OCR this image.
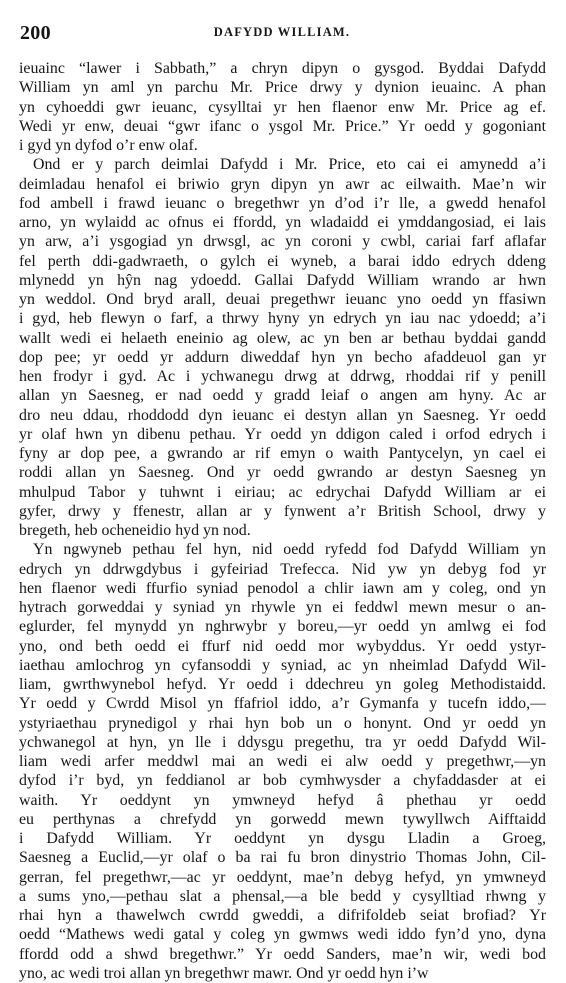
200	DAFYDD WILLIAM.

ieuainc “lawer i Sabbath,” a chryn dipyn o gysgod. Byddai Dafydd
William yn aml yn parchu Mr. Price drwy y dynion ieuainc. A phan
yn cyhoeddi gwr ieuanc, cysylltai yr hen flaenor enw Mr. Price ag ef.
Wedi yr enw, deuai “gwr ifanc o ysgol Mr. Price.” Yr oedd y gogoniant
i gyd yn dyfod o’r enw olaf.

Ond er y parch deimlai Dafydd i Mr. Price, eto cai ei amynedd a’i
deimladau henafol ei briwio gryn dipyn yn awr ac eilwaith. Mae’n wir
fod ambell i frawd ieuanc o bregethwr yn d’od i’r lle, a gwedd henafol
arno, yn wylaidd ac ofnus ei ffordd, yn wladaidd ei ymddangosiad, ei lais
yn arw, a’i ysgogiad yn drwsgl, ac yn coroni y cwbl, cariai farf aflafar
fel perth ddi-gadwraeth, o gylch ei wyneb, a barai iddo edrych ddeng
mlynedd yn hŷn nag ydoedd. Gallai Dafydd William wrando ar hwn
yn weddol. Ond bryd arall, deuai pregethwr ieuanc yno oedd yn ffasiwn
i gyd, heb flewyn o farf, a thrwy hyny yn edrych yn iau nac ydoedd; a’i
wallt wedi ei helaeth eneinio ag olew, ac yn ben ar bethau byddai gandd
dop pee; yr oedd yr addurn diweddaf hyn yn becho afaddeuol gan yr
hen frodyr i gyd. Ac i ychwanegu drwg at ddrwg, rhoddai rif y penill
allan yn Saesneg, er nad oedd y gradd leiaf o angen am hyny. Ac ar
dro neu ddau, rhoddodd dyn ieuanc ei destyn allan yn Saesneg. Yr oedd
yr olaf hwn yn dibenu pethau. Yr oedd yn ddigon caled i orfod edrych i
fyny ar dop pee, a gwrando ar rif emyn o waith Pantycelyn, yn cael ei
roddi allan yn Saesneg. Ond yr oedd gwrando ar destyn Saesneg yn
mhulpud Tabor y tuhwnt i eiriau; ac edrychai Dafydd William ar ei
gyfer, drwy y ffenestr, allan ar y fynwent a’r British School, drwy y
bregeth, heb ocheneidio hyd yn nod.

Yn ngwyneb pethau fel hyn, nid oedd ryfedd fod Dafydd William yn
edrych yn ddrwgdybus i gyfeiriad Trefecca. Nid yw yn debyg fod yr
hen flaenor wedi ffurfio syniad penodol a chlir iawn am y coleg, ond yn
hytrach gorweddai y syniad yn rhywle yn ei feddwl mewn mesur o an-
eglurder, fel mynydd yn nghrwybr y boreu,—yr oedd yn amlwg ei fod
yno, ond beth oedd ei ffurf nid oedd mor wybyddus. Yr oedd ystyr-
iaethau amlochrog yn cyfansoddi y syniad, ac yn nheimlad Dafydd Wil-
liam, gwrthwynebol hefyd. Yr oedd i ddechreu yn goleg Methodistaidd.
Yr oedd y Cwrdd Misol yn ffafriol iddo, a’r Gymanfa y tucefn iddo,—
ystyriaethau prynedigol y rhai hyn bob un o honynt. Ond yr oedd yn
ychwanegol at hyn, yn lle i ddysgu pregethu, tra yr oedd Dafydd Wil-
liam wedi arfer meddwl mai an wedi ei alw oedd y pregethwr,—yn
dyfod i’r byd, yn feddianol ar bob cymhwysder a chyfaddasder at ei
waith. Yr oeddynt yn ymwneyd hefyd â phethau yr oedd
eu perthynas a chrefydd yn gorwedd mewn tywyllwch Aifftaidd
i Dafydd William. Yr oeddynt yn dysgu Lladin a Groeg,
Saesneg a Euclid,—yr olaf o ba rai fu bron dinystrio Thomas John, Cil-
gerran, fel pregethwr,—ac yr oeddynt, mae’n debyg hefyd, yn ymwneyd
a sums yno,—pethau slat a phensal,—a ble bedd y cysylltiad rhwng y
rhai hyn a thawelwch cwrdd gweddi, a difrifoldeb seiat brofiad? Yr
oedd “Mathews wedi gatal y coleg yn gwmws wedi iddo fyn’d yno, dyna
ffordd odd a shwd bregethwr.” Yr oedd Sanders, mae’n wir, wedi bod
yno, ac wedi troi allan yn bregethwr mawr. Ond yr oedd hyn i’w
